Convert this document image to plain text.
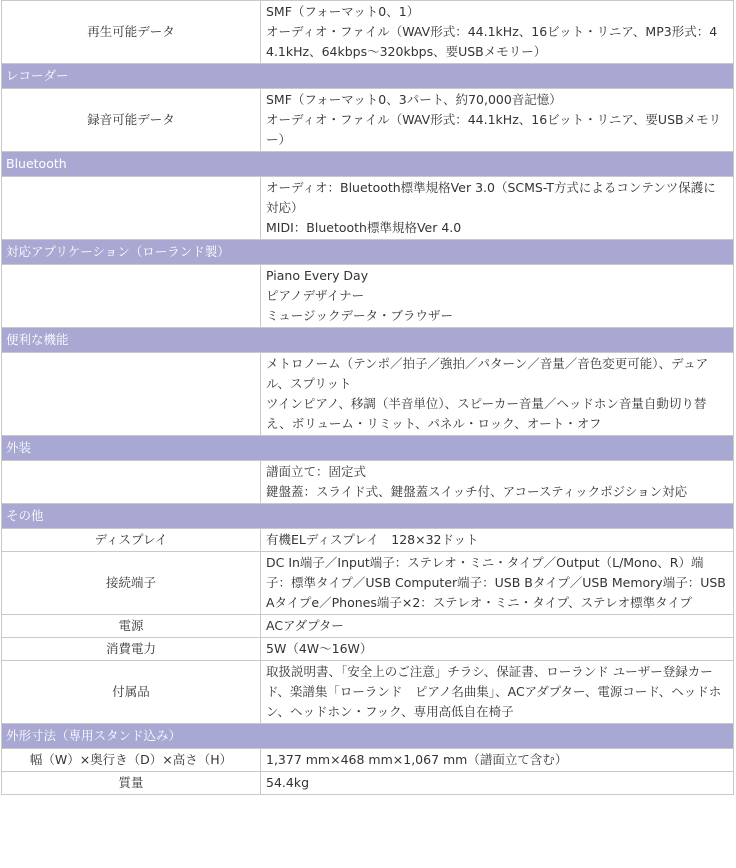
再生可能データ	SMF（フォーマット0、1）
オーディオ・ファイル（WAV形式：44.1kHz、16ビット・リニア、MP3形式：44.1kHz、64kbps～320kbps、要USBメモリー）

レコーダー	
録音可能データ	SMF（フォーマット0、3パート、約70,000音記憶）
オーディオ・ファイル（WAV形式：44.1kHz、16ビット・リニア、要USBメモリー）

Bluetooth	

	オーディオ：Bluetooth標準規格Ver 3.0（SCMS-T方式によるコンテンツ保護に対応）
MIDI：Bluetooth標準規格Ver 4.0

対応アプリケーション（ローランド製）	

	Piano Every Day
ピアノデザイナー
ミュージックデータ・ブラウザー

便利な機能	

	メトロノーム（テンポ／拍子／強拍／パターン／音量／音色変更可能）、デュアル、スプリット
ツインピアノ、移調（半音単位）、スピーカー音量／ヘッドホン音量自動切り替え、ボリューム・リミット、パネル・ロック、オート・オフ

外装	

	譜面立て：固定式
鍵盤蓋：スライド式、鍵盤蓋スイッチ付、アコースティックポジション対応

その他	
ディスプレイ	有機ELディスプレイ　128×32ドット

接続端子	DC In端子／Input端子：ステレオ・ミニ・タイプ／Output（L/Mono、R）端子：標準タイプ／USB Computer端子：USB Bタイプ／USB Memory端子：USB Aタイプe／Phones端子×2：ステレオ・ミニ・タイプ、ステレオ標準タイプ

電源	ACアダプター

消費電力	5W（4W～16W）

付属品	取扱説明書、「安全上のご注意」チラシ、保証書、ローランド ユーザー登録カード、楽譜集「ローランド　ピアノ名曲集」、ACアダプター、電源コード、ヘッドホン、ヘッドホン・フック、専用高低自在椅子

外形寸法（専用スタンド込み）	
幅（W）×奥行き（D）×高さ（H）	1,377 mm×468 mm×1,067 mm（譜面立て含む）

質量	54.4kg
